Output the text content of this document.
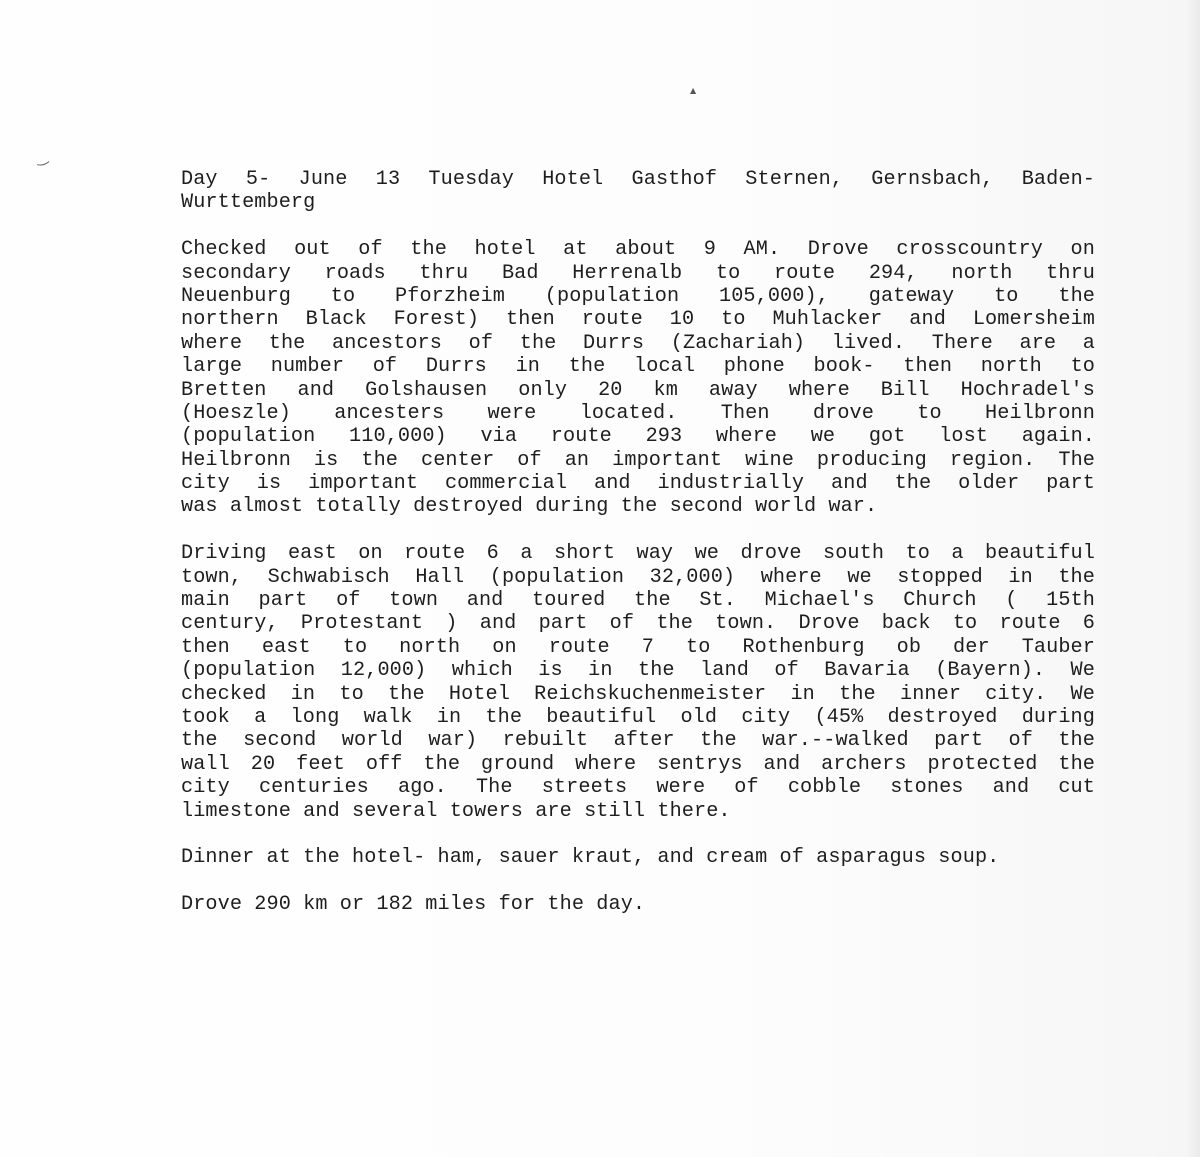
‿
▲
Day 5- June 13 Tuesday Hotel Gasthof Sternen, Gernsbach, Baden-
Wurttemberg
Checked out of the hotel at about 9 AM. Drove crosscountry on
secondary roads thru Bad Herrenalb to route 294, north thru
Neuenburg to Pforzheim (population 105,000), gateway to the
northern Black Forest) then route 10 to Muhlacker and Lomersheim
where the ancestors of the Durrs (Zachariah) lived. There are a
large number of Durrs in the local phone book- then north to
Bretten and Golshausen only 20 km away where Bill Hochradel's
(Hoeszle) ancesters were located. Then drove to Heilbronn
(population 110,000) via route 293 where we got lost again.
Heilbronn is the center of an important wine producing region. The
city is important commercial and industrially and the older part
was almost totally destroyed during the second world war.
Driving east on route 6 a short way we drove south to a beautiful
town, Schwabisch Hall (population 32,000) where we stopped in the
main part of town and toured the St. Michael's Church ( 15th
century, Protestant ) and part of the town. Drove back to route 6
then east to north on route 7 to Rothenburg ob der Tauber
(population 12,000) which is in the land of Bavaria (Bayern). We
checked in to the Hotel Reichskuchenmeister in the inner city. We
took a long walk in the beautiful old city (45% destroyed during
the second world war) rebuilt after the war.--walked part of the
wall 20 feet off the ground where sentrys and archers protected the
city centuries ago. The streets were of cobble stones and cut
limestone and several towers are still there.
Dinner at the hotel- ham, sauer kraut, and cream of asparagus soup.
Drove 290 km or 182 miles for the day.
